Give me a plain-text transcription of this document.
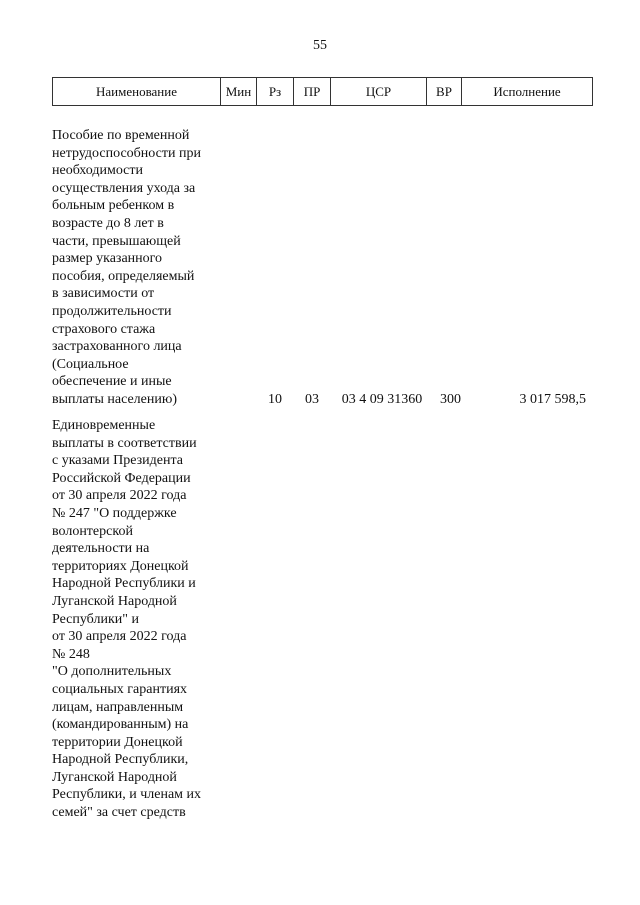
55
Наименование	Мин	Рз	ПР	ЦСР	ВР	Исполнение
Пособие по временной
нетрудоспособности при
необходимости
осуществления ухода за
больным ребенком в
возрасте до 8 лет в
части, превышающей
размер указанного
пособия, определяемый
в зависимости от
продолжительности
страхового стажа
застрахованного лица
(Социальное
обеспечение и иные
выплаты населению)	10	03	03 4 09 31360	300	3 017 598,5
Единовременные
выплаты в соответствии
с указами Президента
Российской Федерации
от 30 апреля 2022 года
№ 247 "О поддержке
волонтерской
деятельности на
территориях Донецкой
Народной Республики и
Луганской Народной
Республики" и
от 30 апреля 2022 года
№ 248
"О дополнительных
социальных гарантиях
лицам, направленным
(командированным) на
территории Донецкой
Народной Республики,
Луганской Народной
Республики, и членам их
семей" за счет средств
